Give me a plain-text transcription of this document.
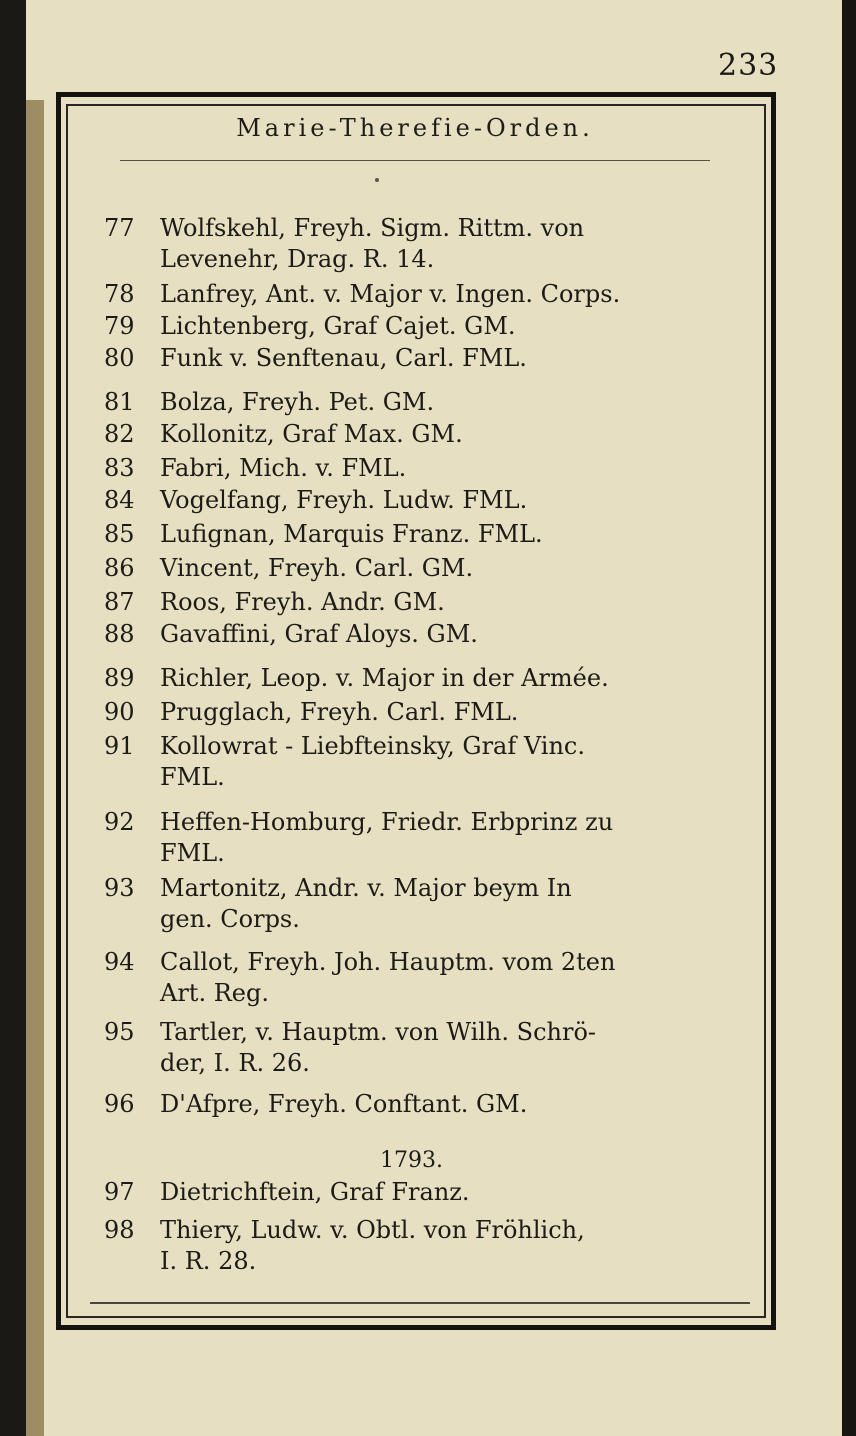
233
Marie-Therefie-Orden.
77	Wolfskehl, Freyh. Sigm. Rittm. von
Levenehr, Drag. R. 14.
78	Lanfrey, Ant. v. Major v. Ingen. Corps.
79	Lichtenberg, Graf Cajet. GM.
80	Funk v. Senftenau, Carl. FML.
81	Bolza, Freyh. Pet. GM.
82	Kollonitz, Graf Max. GM.
83	Fabri, Mich. v. FML.
84	Vogelfang, Freyh. Ludw. FML.
85	Lufignan, Marquis Franz. FML.
86	Vincent, Freyh. Carl. GM.
87	Roos, Freyh. Andr. GM.
88	Gavaffini, Graf Aloys. GM.
89	Richler, Leop. v. Major in der Armée.
90	Prugglach, Freyh. Carl. FML.
91	Kollowrat - Liebfteinsky, Graf Vinc.
FML.
92	Heffen-Homburg, Friedr. Erbprinz zu
FML.
93	Martonitz, Andr. v. Major beym In
gen. Corps.
94	Callot, Freyh. Joh. Hauptm. vom 2ten
Art. Reg.
95	Tartler, v. Hauptm. von Wilh. Schrö-
der, I. R. 26.
96	D'Afpre, Freyh. Conftant. GM.
97	Dietrichftein, Graf Franz.
98	Thiery, Ludw. v. Obtl. von Fröhlich,
I. R. 28.
1793.
